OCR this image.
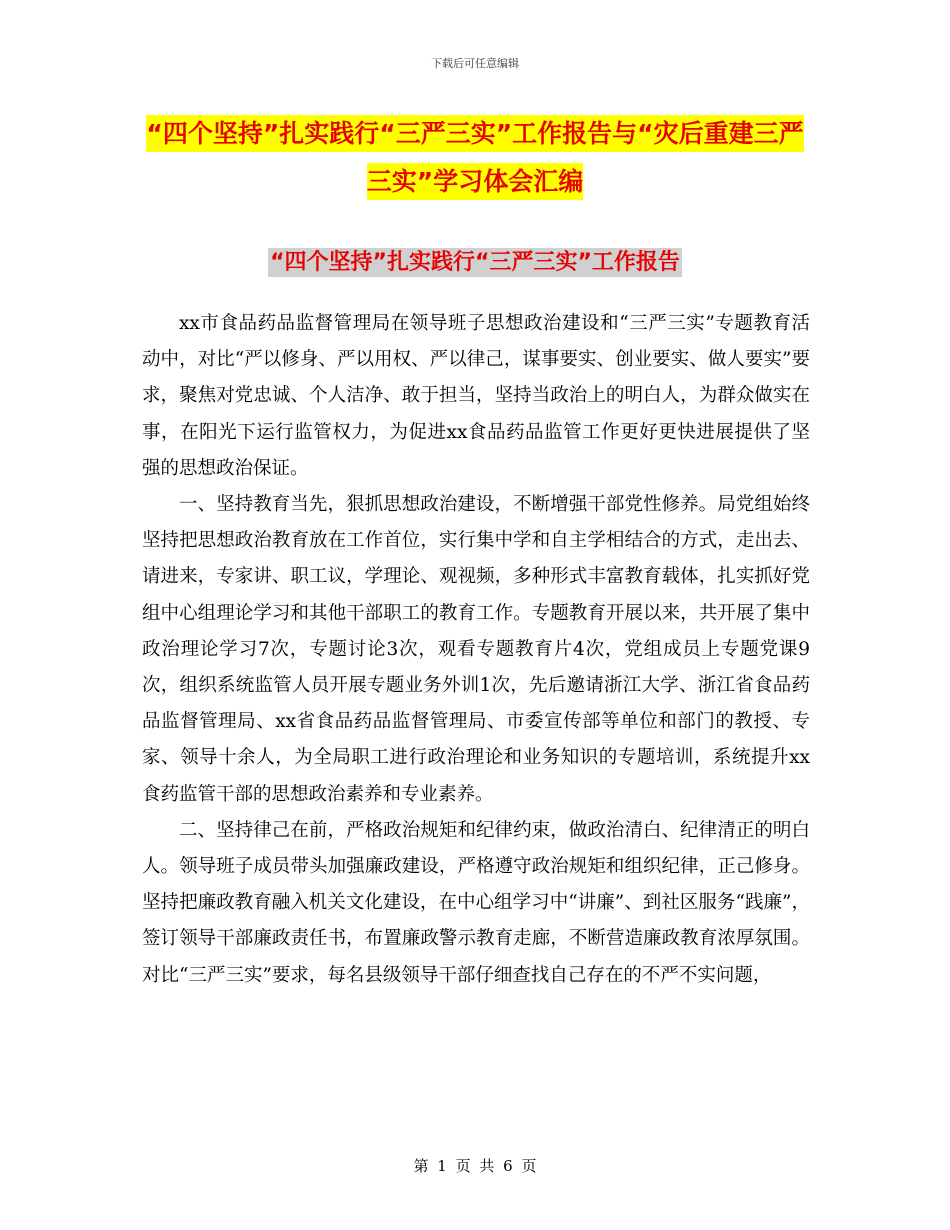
下载后可任意编辑
“四个坚持”扎实践行“三严三实”工作报告与“灾后重建三严三实”学习体会汇编
“四个坚持”扎实践行“三严三实”工作报告

xx市食品药品监督管理局在领导班子思想政治建设和“三严三实”专题教育活动中，对比“严以修身、严以用权、严以律己，谋事要实、创业要实、做人要实”要求，聚焦对党忠诚、个人洁净、敢于担当，坚持当政治上的明白人，为群众做实在事，在阳光下运行监管权力，为促进xx食品药品监管工作更好更快进展提供了坚强的思想政治保证。

一、坚持教育当先，狠抓思想政治建设，不断增强干部党性修养。局党组始终坚持把思想政治教育放在工作首位，实行集中学和自主学相结合的方式，走出去、请进来，专家讲、职工议，学理论、观视频，多种形式丰富教育载体，扎实抓好党组中心组理论学习和其他干部职工的教育工作。专题教育开展以来，共开展了集中政治理论学习7次，专题讨论3次，观看专题教育片4次，党组成员上专题党课9次，组织系统监管人员开展专题业务外训1次，先后邀请浙江大学、浙江省食品药品监督管理局、xx省食品药品监督管理局、市委宣传部等单位和部门的教授、专家、领导十余人，为全局职工进行政治理论和业务知识的专题培训，系统提升xx食药监管干部的思想政治素养和专业素养。

二、坚持律己在前，严格政治规矩和纪律约束，做政治清白、纪律清正的明白人。领导班子成员带头加强廉政建设，严格遵守政治规矩和组织纪律，正己修身。坚持把廉政教育融入机关文化建设，在中心组学习中“讲廉”、到社区服务“践廉”，签订领导干部廉政责任书，布置廉政警示教育走廊，不断营造廉政教育浓厚氛围。对比“三严三实”要求，每名县级领导干部仔细查找自己存在的不严不实问题，

第 1 页 共 6 页
